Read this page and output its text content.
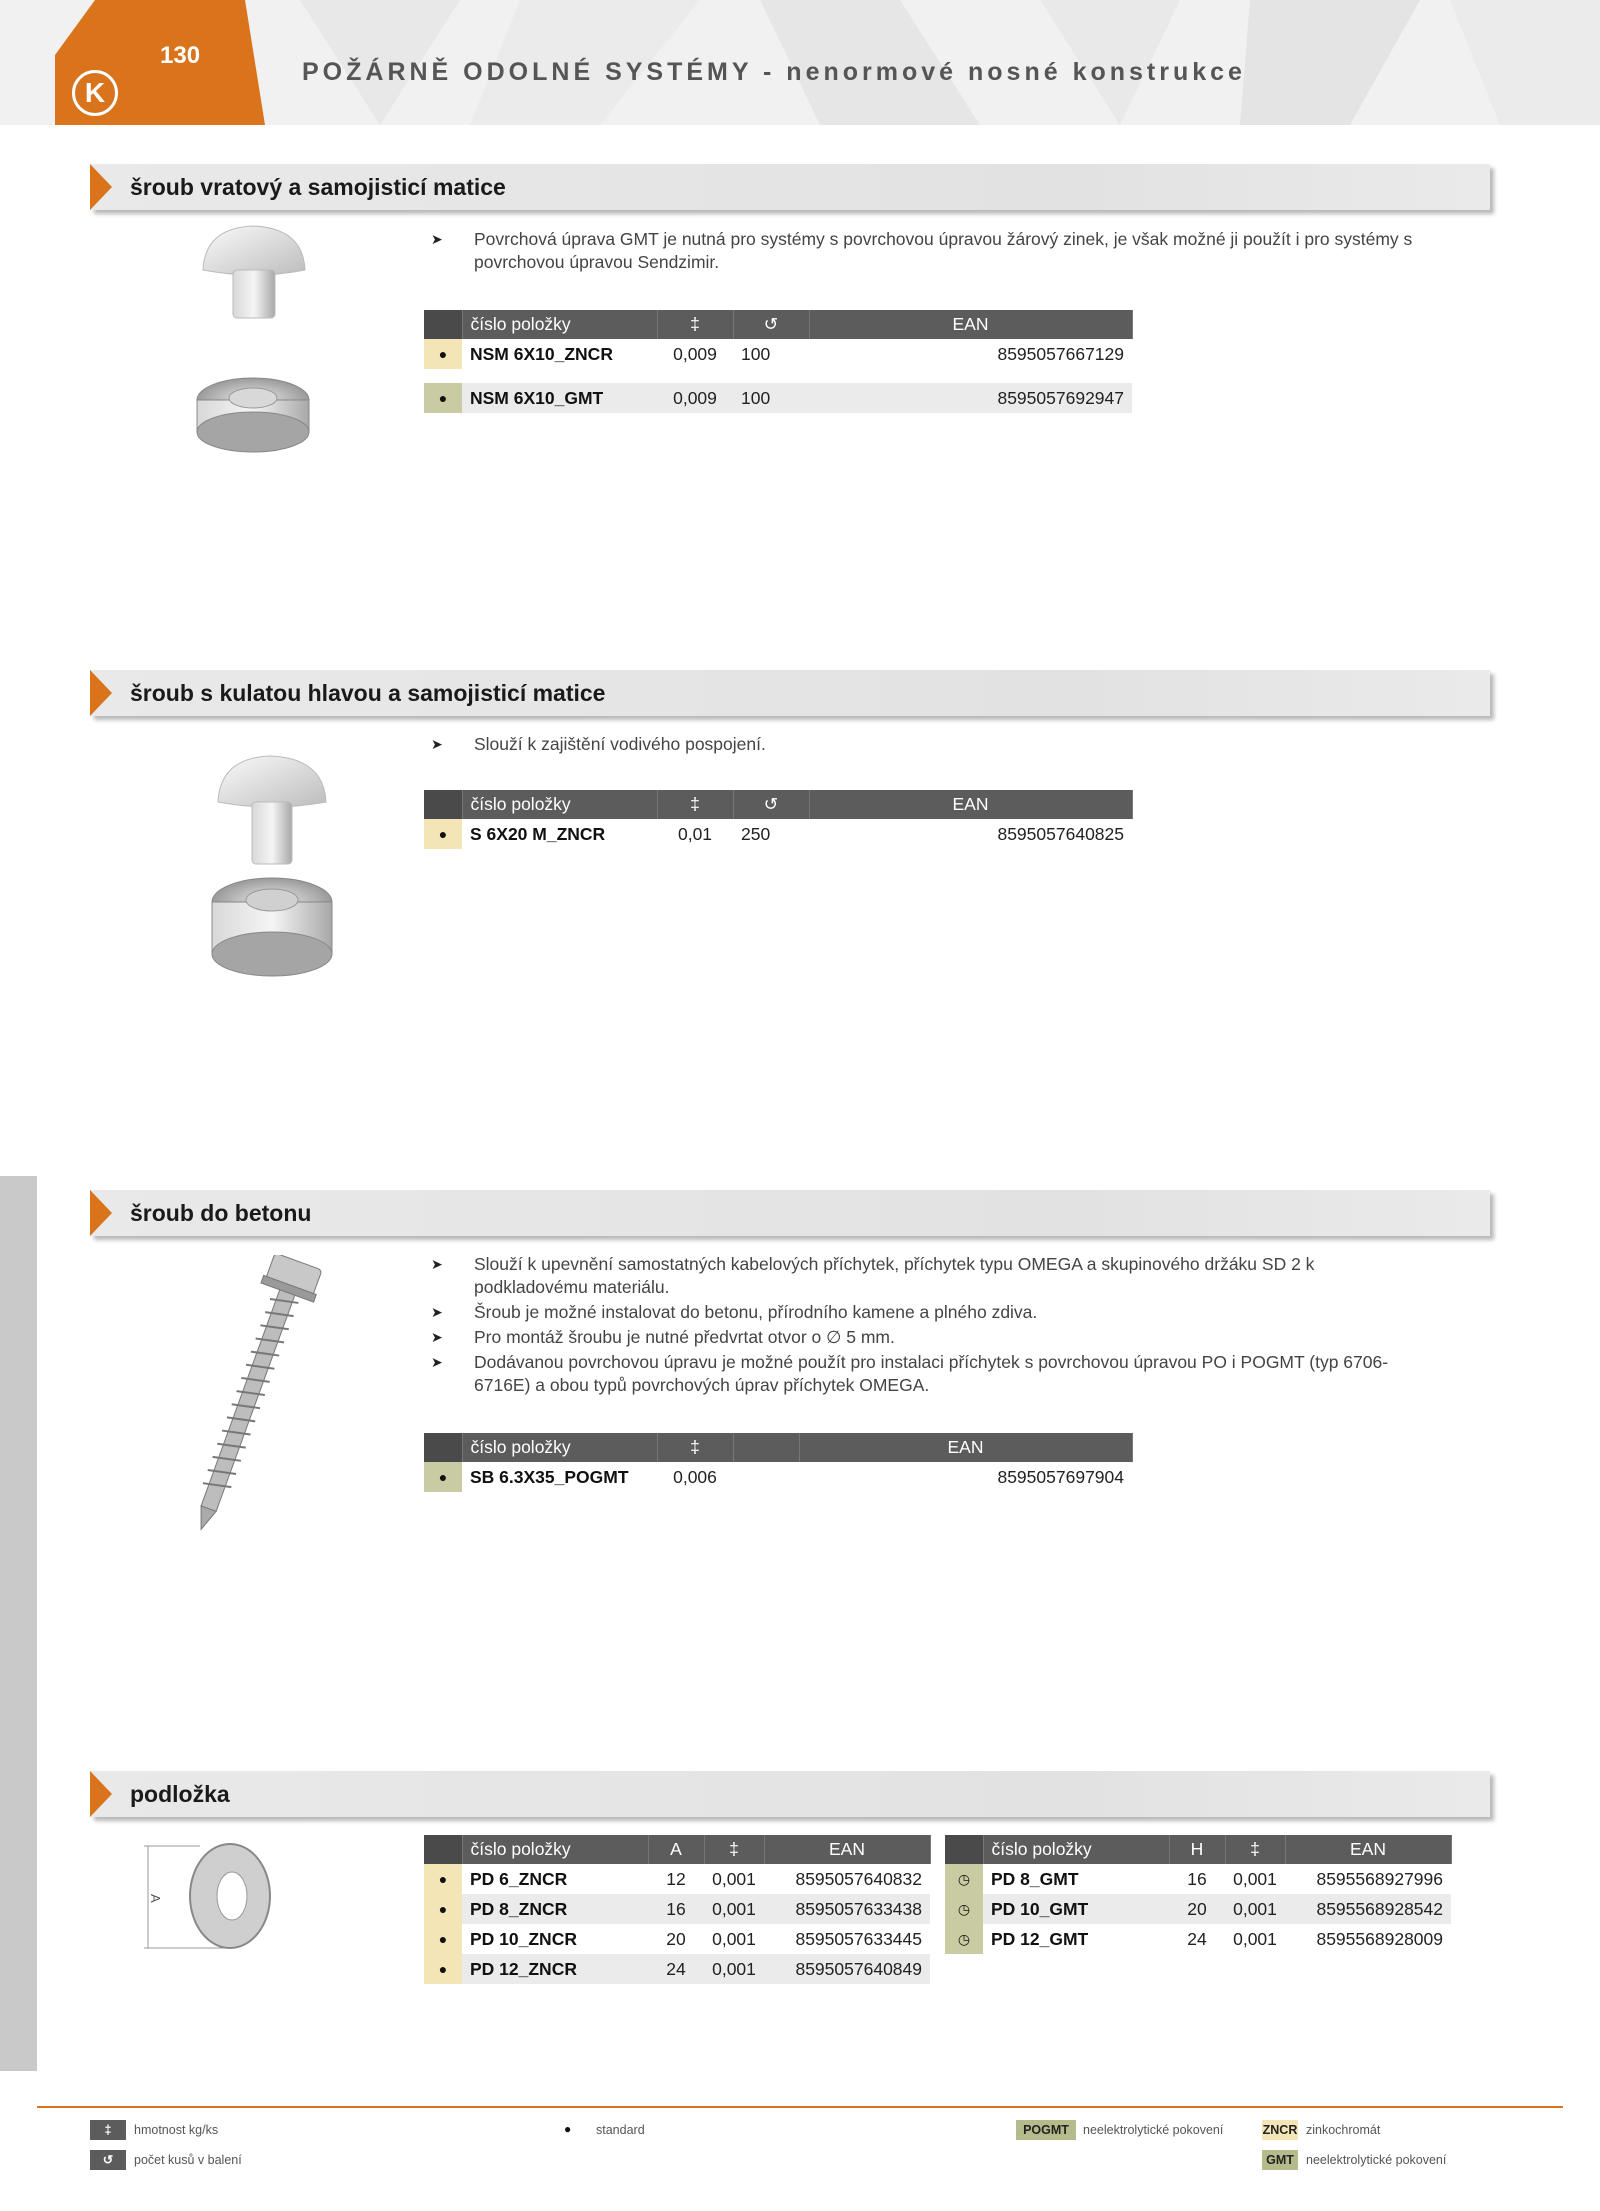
130
K
POŽÁRNĚ ODOLNÉ SYSTÉMY - nenormové nosné konstrukce
šroub vratový a samojisticí matice
➤ Povrchová úprava GMT je nutná pro systémy s povrchovou úpravou žárový zinek, je však možné ji použít i pro systémy s povrchovou úpravou Sendzimir.
	číslo položky	‡	↺	EAN
●	NSM 6X10_ZNCR	0,009	100	8595057667129

●	NSM 6X10_GMT	0,009	100	8595057692947
šroub s kulatou hlavou a samojisticí matice
➤ Slouží k zajištění vodivého pospojení.
	číslo položky	‡	↺	EAN
●	S 6X20 M_ZNCR	0,01	250	8595057640825
šroub do betonu
➤ Slouží k upevnění samostatných kabelových příchytek, příchytek typu OMEGA a skupinového držáku SD 2 k podkladovému materiálu.
➤ Šroub je možné instalovat do betonu, přírodního kamene a plného zdiva.
➤ Pro montáž šroubu je nutné předvrtat otvor o ∅ 5 mm.
➤ Dodávanou povrchovou úpravu je možné použít pro instalaci příchytek s povrchovou úpravou PO i POGMT (typ 6706-6716E) a obou typů povrchových úprav příchytek OMEGA.
	číslo položky	‡		EAN
●	SB 6.3X35_POGMT	0,006		8595057697904
podložka
A
	číslo položky	A	‡	EAN
●	PD 6_ZNCR	12	0,001	8595057640832
●	PD 8_ZNCR	16	0,001	8595057633438
●	PD 10_ZNCR	20	0,001	8595057633445
●	PD 12_ZNCR	24	0,001	8595057640849
	číslo položky	H	‡	EAN
◷	PD 8_GMT	16	0,001	8595568927996
◷	PD 10_GMT	20	0,001	8595568928542
◷	PD 12_GMT	24	0,001	8595568928009
‡	hmotnost kg/ks
↺	počet kusů v balení
● standard	POGMT	neelektrolytické pokovení	ZNCR zinkochromát
GMT neelektrolytické pokovení
